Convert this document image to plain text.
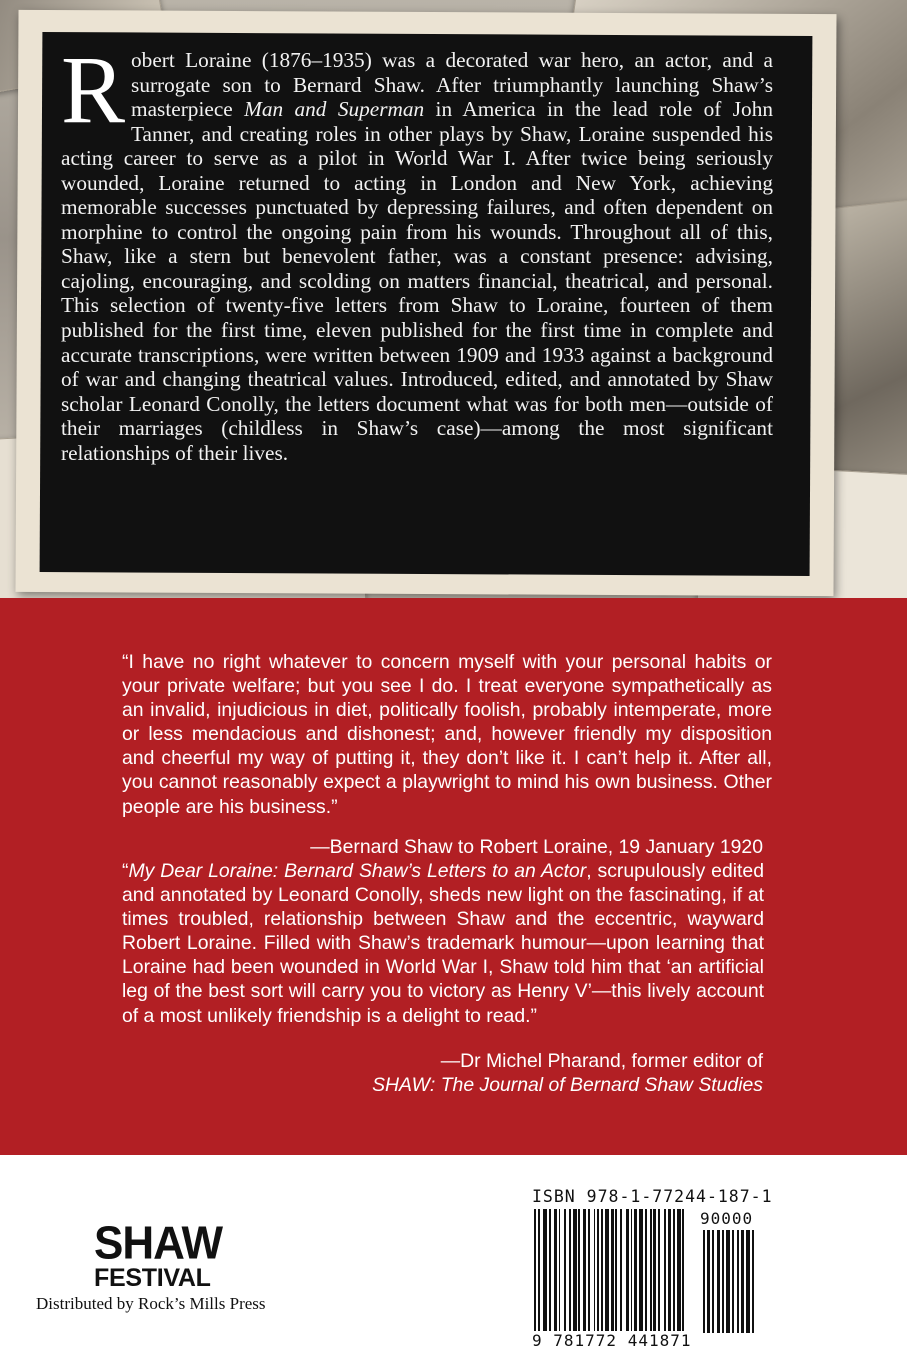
Robert Loraine (1876–1935) was a decorated war hero, an actor, and a surrogate son to Bernard Shaw. After triumphantly launching Shaw’s masterpiece Man and Superman in America in the lead role of John Tanner, and creating roles in other plays by Shaw, Loraine suspended his acting career to serve as a pilot in World War I. After twice being seriously wounded, Loraine returned to acting in London and New York, achieving memorable successes punctuated by depressing failures, and often dependent on morphine to control the ongoing pain from his wounds. Throughout all of this, Shaw, like a stern but benevolent father, was a constant presence: advising, cajoling, encouraging, and scolding on matters financial, theatrical, and personal. This selection of twenty-five letters from Shaw to Loraine, fourteen of them published for the first time, eleven published for the first time in complete and accurate transcriptions, were written between 1909 and 1933 against a background of war and changing theatrical values. Introduced, edited, and annotated by Shaw scholar Leonard Conolly, the letters document what was for both men—outside of their marriages (childless in Shaw’s case)—among the most significant relationships of their lives.

“I have no right whatever to concern myself with your personal habits or your private welfare; but you see I do. I treat everyone sympathetically as an invalid, injudicious in diet, politically foolish, probably intemperate, more or less mendacious and dishonest; and, however friendly my disposition and cheerful my way of putting it, they don’t like it. I can’t help it. After all, you cannot reasonably expect a playwright to mind his own business. Other people are his business.”

—Bernard Shaw to Robert Loraine, 19 January 1920

“My Dear Loraine: Bernard Shaw’s Letters to an Actor, scrupulously edited and annotated by Leonard Conolly, sheds new light on the fascinating, if at times troubled, relationship between Shaw and the eccentric, wayward Robert Loraine. Filled with Shaw’s trademark humour—upon learning that Loraine had been wounded in World War I, Shaw told him that ‘an artificial leg of the best sort will carry you to victory as Henry V’—this lively account of a most unlikely friendship is a delight to read.”

—Dr Michel Pharand, former editor of
SHAW: The Journal of Bernard Shaw Studies
SHAW
FESTIVAL
Distributed by Rock’s Mills Press
ISBN 978-1-77244-187-1
90000
9 781772 441871
